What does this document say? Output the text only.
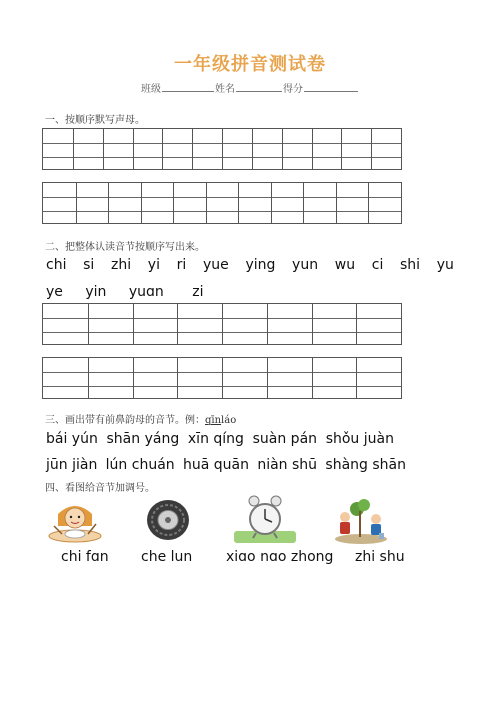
一年级拼音测试卷
班级	姓名	得分
一、按顺序默写声母。
二、把整体认读音节按顺序写出来。
chi si zhi yi ri yue ying yun wu ci shi yu
ye yin yuɑn zi
三、画出带有前鼻韵母的音节。例：qīnláo
bái yún shān yáng xīn qíng suàn pán shǒu juàn
jūn jiàn lún chuán huā quān niàn shū shàng shān
四、看图给音节加调号。
chi fɑn che lun xiɑo nɑo zhong zhi shu
